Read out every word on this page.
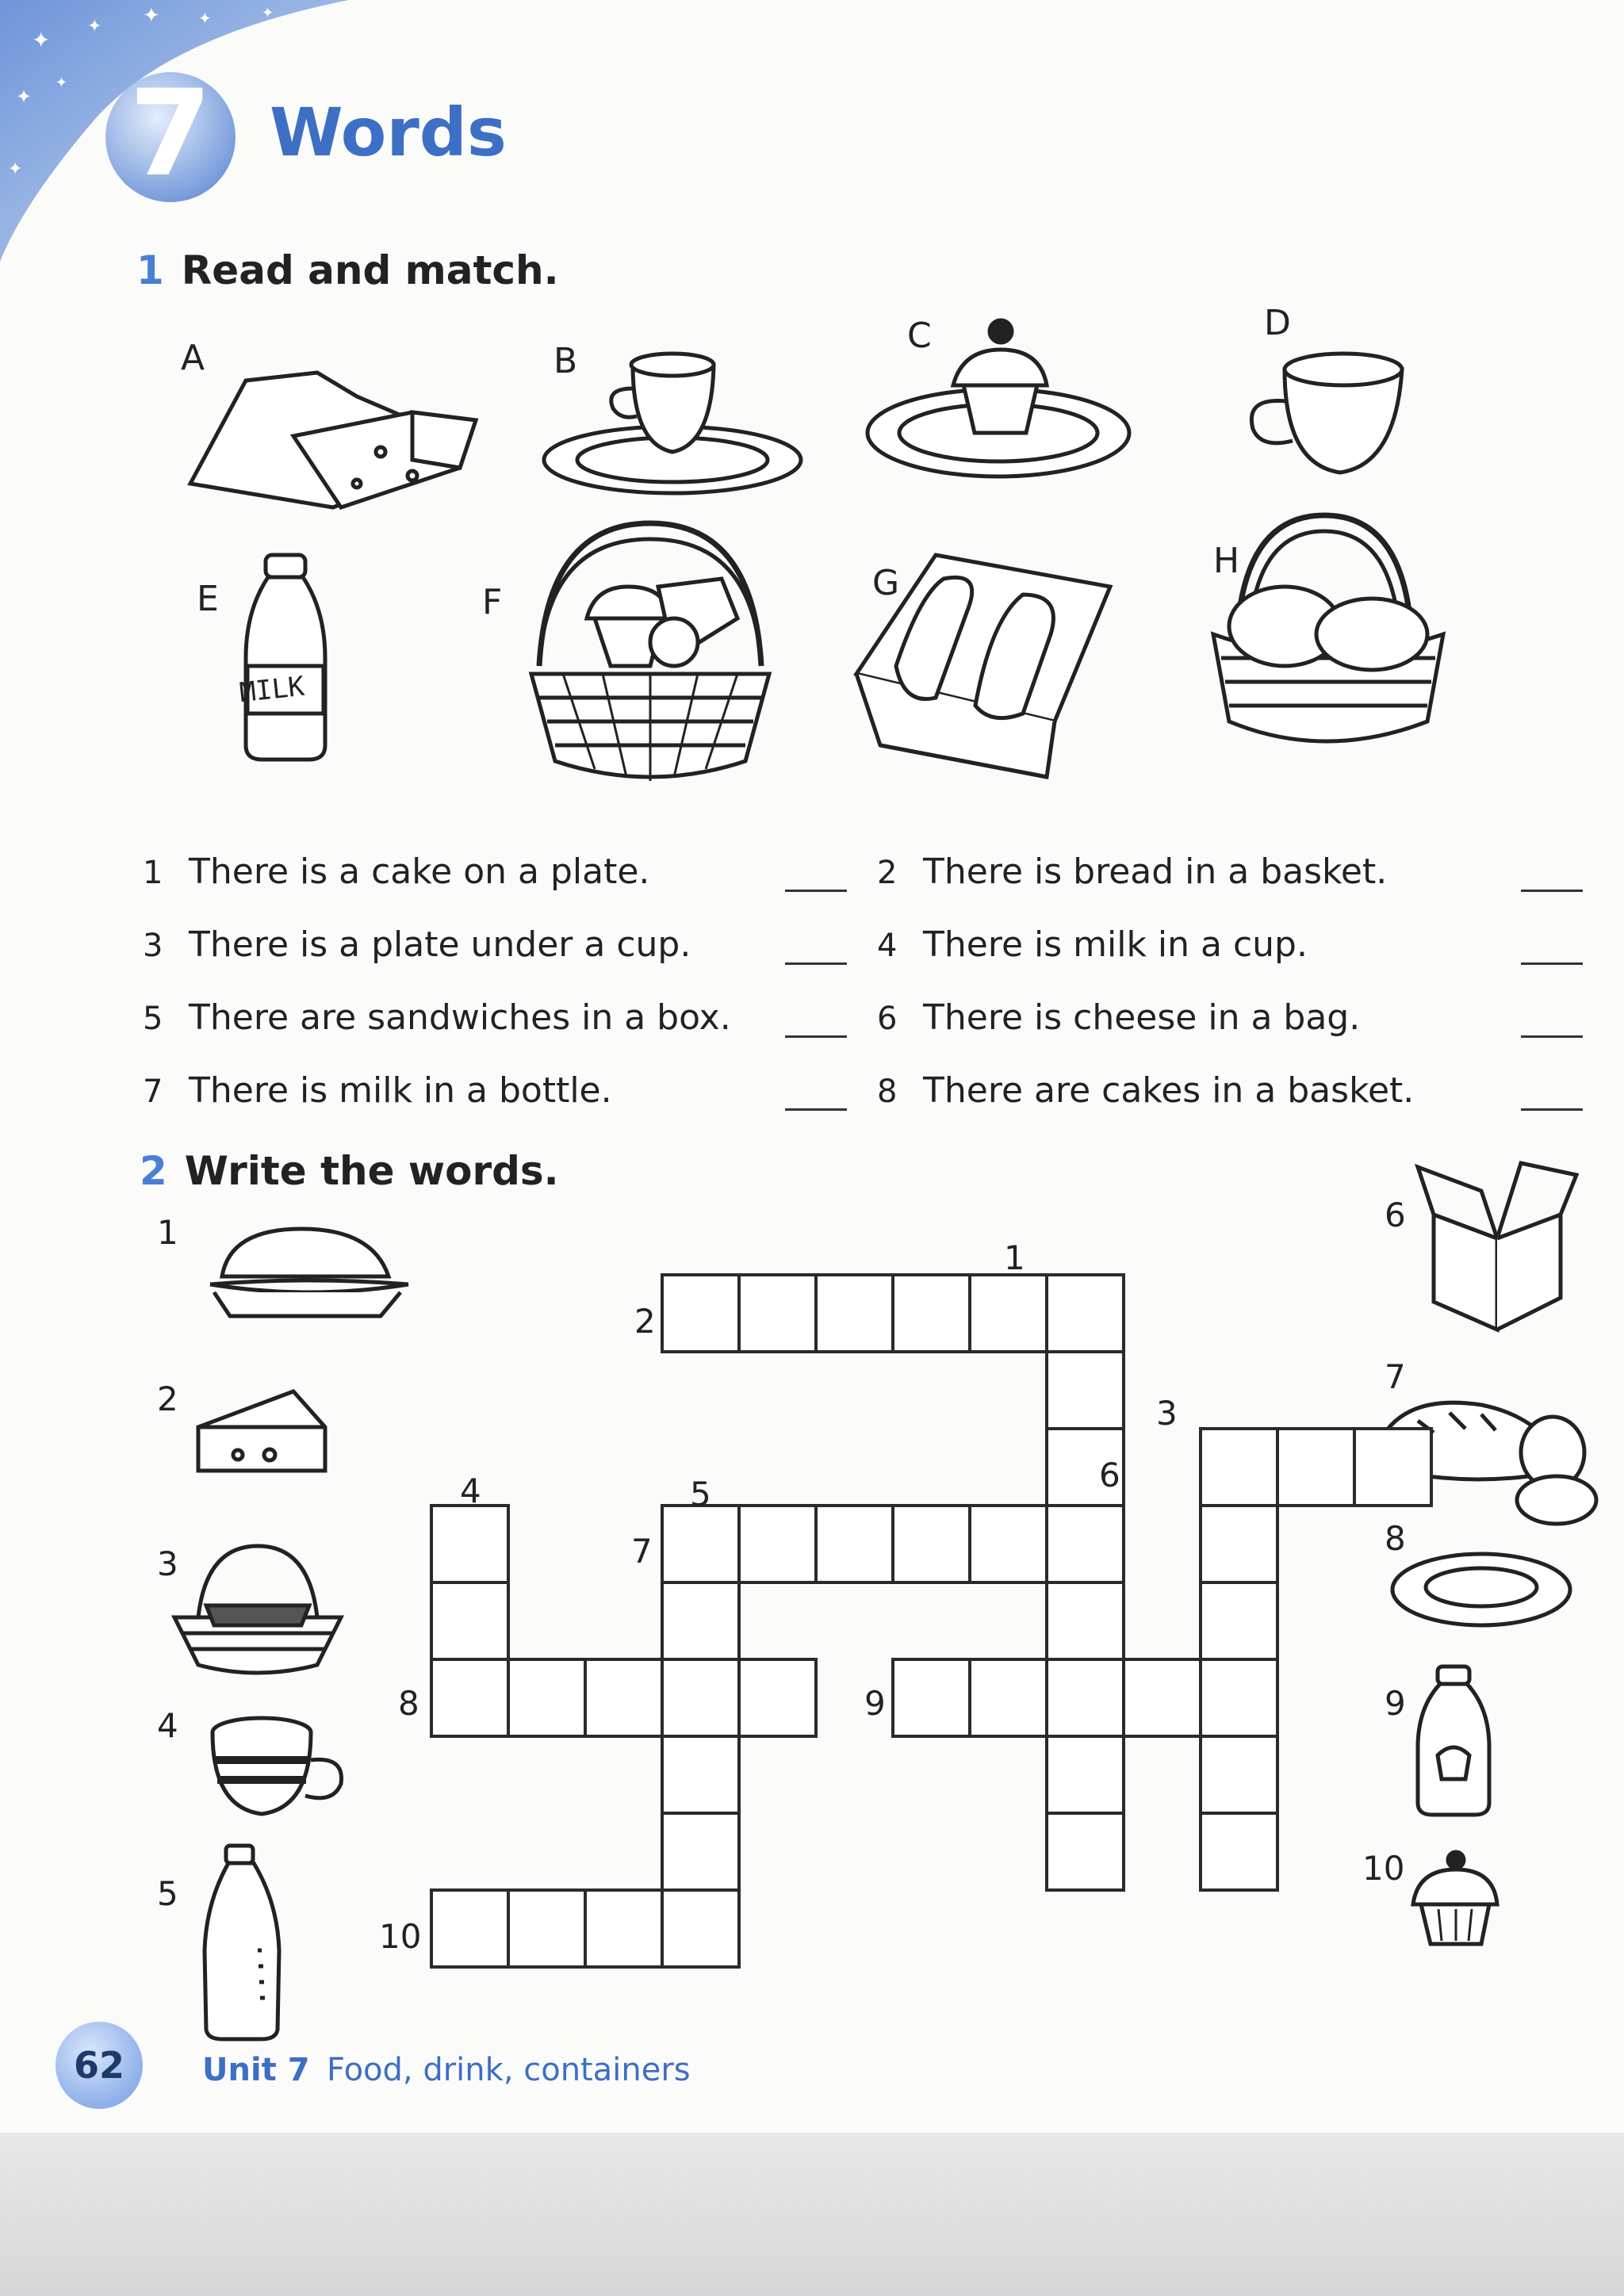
✦
✦ ✦ ✦
✦
✦
✦
✦
7 Words
1 Read and match.
A	B
C	D
E
MILK
F	G
H
1 There is a cake on a plate.	2 There is bread in a basket.
3 There is a plate under a cup.	4 There is milk in a cup.
5 There are sandwiches in a box.	6 There is cheese in a bag.
7 There is milk in a bottle.	8 There are cakes in a basket.
2 Write the words.
1
2
3
4
5
6
7
8
9
10
1
2
3
4	5	6
7
8	9
10
62	Unit 7 Food, drink, containers
